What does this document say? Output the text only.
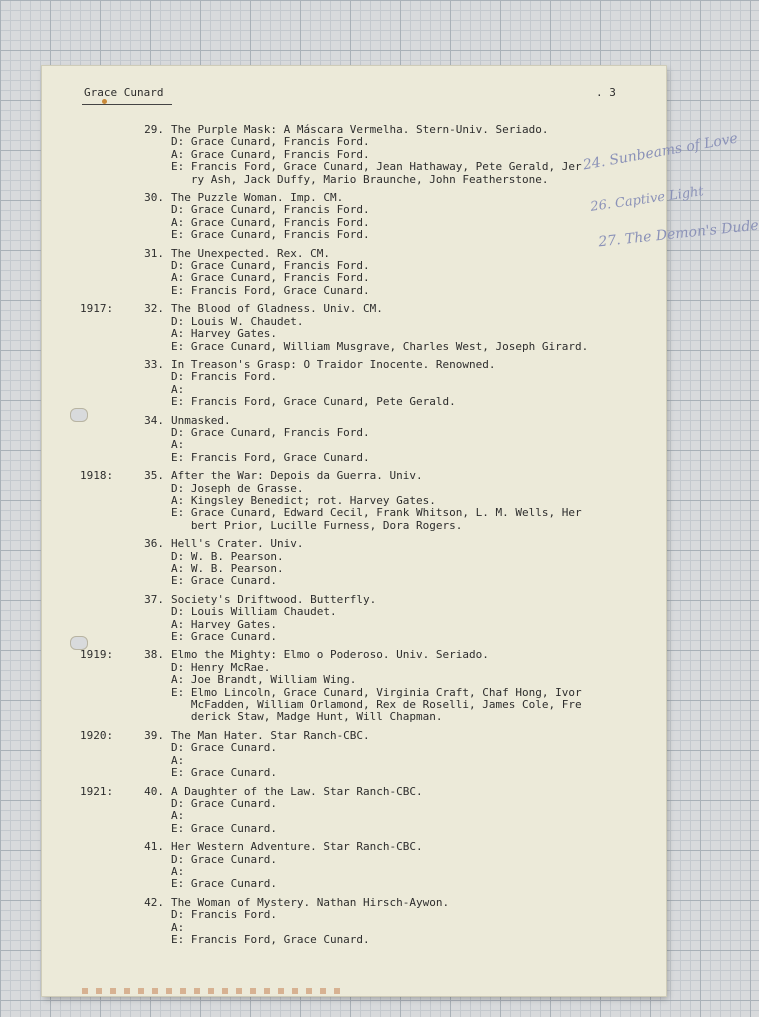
Grace Cunard	. 3
24. Sunbeams of Love
26. Captive Light
27. The Demon's Dude
29. The Purple Mask: A Máscara Vermelha. Stern-Univ. Seriado.
D: Grace Cunard, Francis Ford.
A: Grace Cunard, Francis Ford.
E: Francis Ford, Grace Cunard, Jean Hathaway, Pete Gerald, Jer
ry Ash, Jack Duffy, Mario Braunche, John Featherstone.
30. The Puzzle Woman. Imp. CM.
D: Grace Cunard, Francis Ford.
A: Grace Cunard, Francis Ford.
E: Grace Cunard, Francis Ford.
31. The Unexpected. Rex. CM.
D: Grace Cunard, Francis Ford.
A: Grace Cunard, Francis Ford.
E: Francis Ford, Grace Cunard.
1917:	32. The Blood of Gladness. Univ. CM.
D: Louis W. Chaudet.
A: Harvey Gates.
E: Grace Cunard, William Musgrave, Charles West, Joseph Girard.
33. In Treason's Grasp: O Traidor Inocente. Renowned.
D: Francis Ford.
A:
E: Francis Ford, Grace Cunard, Pete Gerald.
34. Unmasked.
D: Grace Cunard, Francis Ford.
A:
E: Francis Ford, Grace Cunard.
1918:	35. After the War: Depois da Guerra. Univ.
D: Joseph de Grasse.
A: Kingsley Benedict; rot. Harvey Gates.
E: Grace Cunard, Edward Cecil, Frank Whitson, L. M. Wells, Her
bert Prior, Lucille Furness, Dora Rogers.
36. Hell's Crater. Univ.
D: W. B. Pearson.
A: W. B. Pearson.
E: Grace Cunard.
37. Society's Driftwood. Butterfly.
D: Louis William Chaudet.
A: Harvey Gates.
E: Grace Cunard.
1919:	38. Elmo the Mighty: Elmo o Poderoso. Univ. Seriado.
D: Henry McRae.
A: Joe Brandt, William Wing.
E: Elmo Lincoln, Grace Cunard, Virginia Craft, Chaf Hong, Ivor
McFadden, William Orlamond, Rex de Roselli, James Cole, Fre
derick Staw, Madge Hunt, Will Chapman.
1920:	39. The Man Hater. Star Ranch-CBC.
D: Grace Cunard.
A:
E: Grace Cunard.
1921:	40. A Daughter of the Law. Star Ranch-CBC.
D: Grace Cunard.
A:
E: Grace Cunard.
41. Her Western Adventure. Star Ranch-CBC.
D: Grace Cunard.
A:
E: Grace Cunard.
42. The Woman of Mystery. Nathan Hirsch-Aywon.
D: Francis Ford.
A:
E: Francis Ford, Grace Cunard.
